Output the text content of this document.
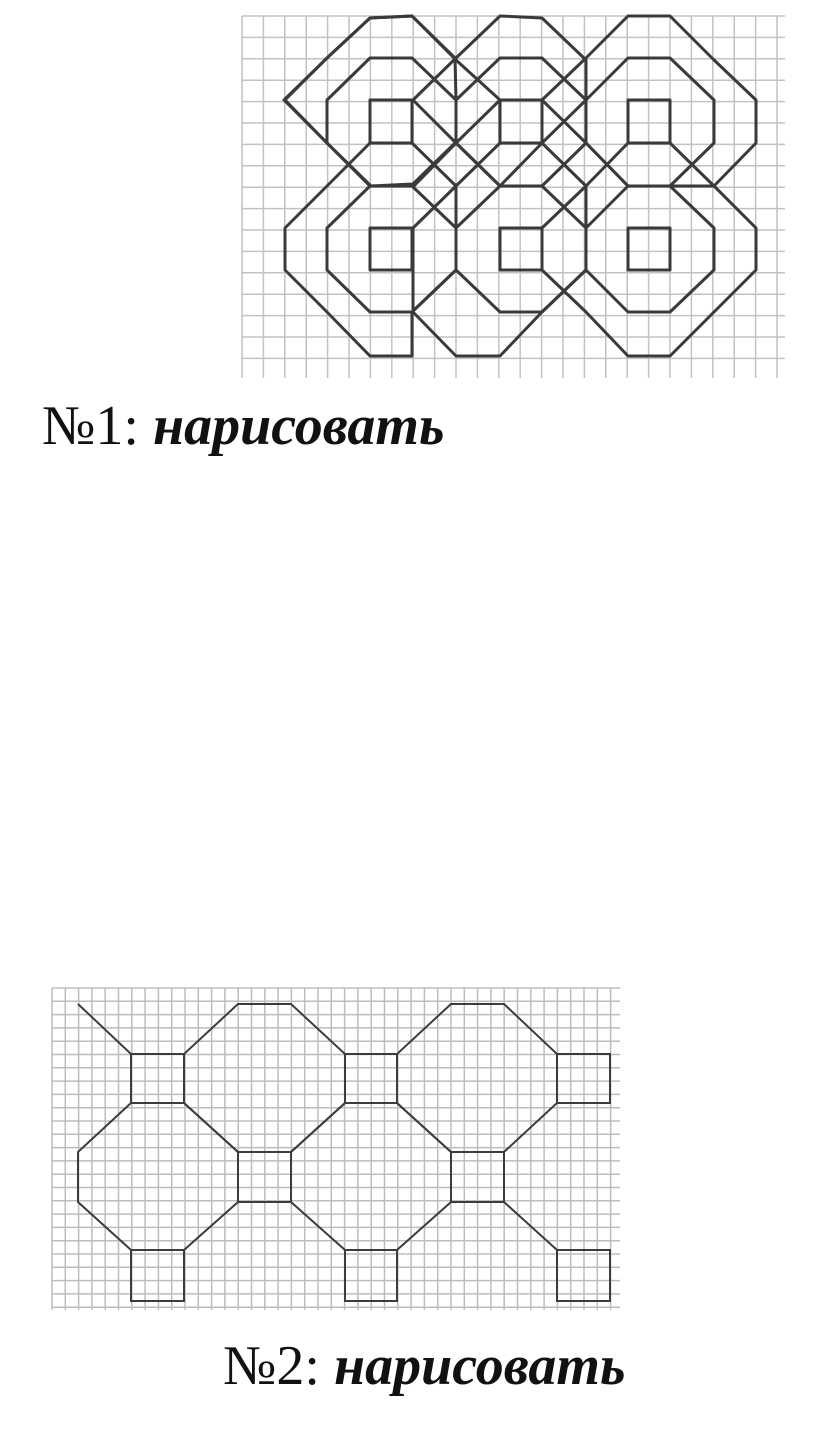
№1: нарисовать
№2: нарисовать
